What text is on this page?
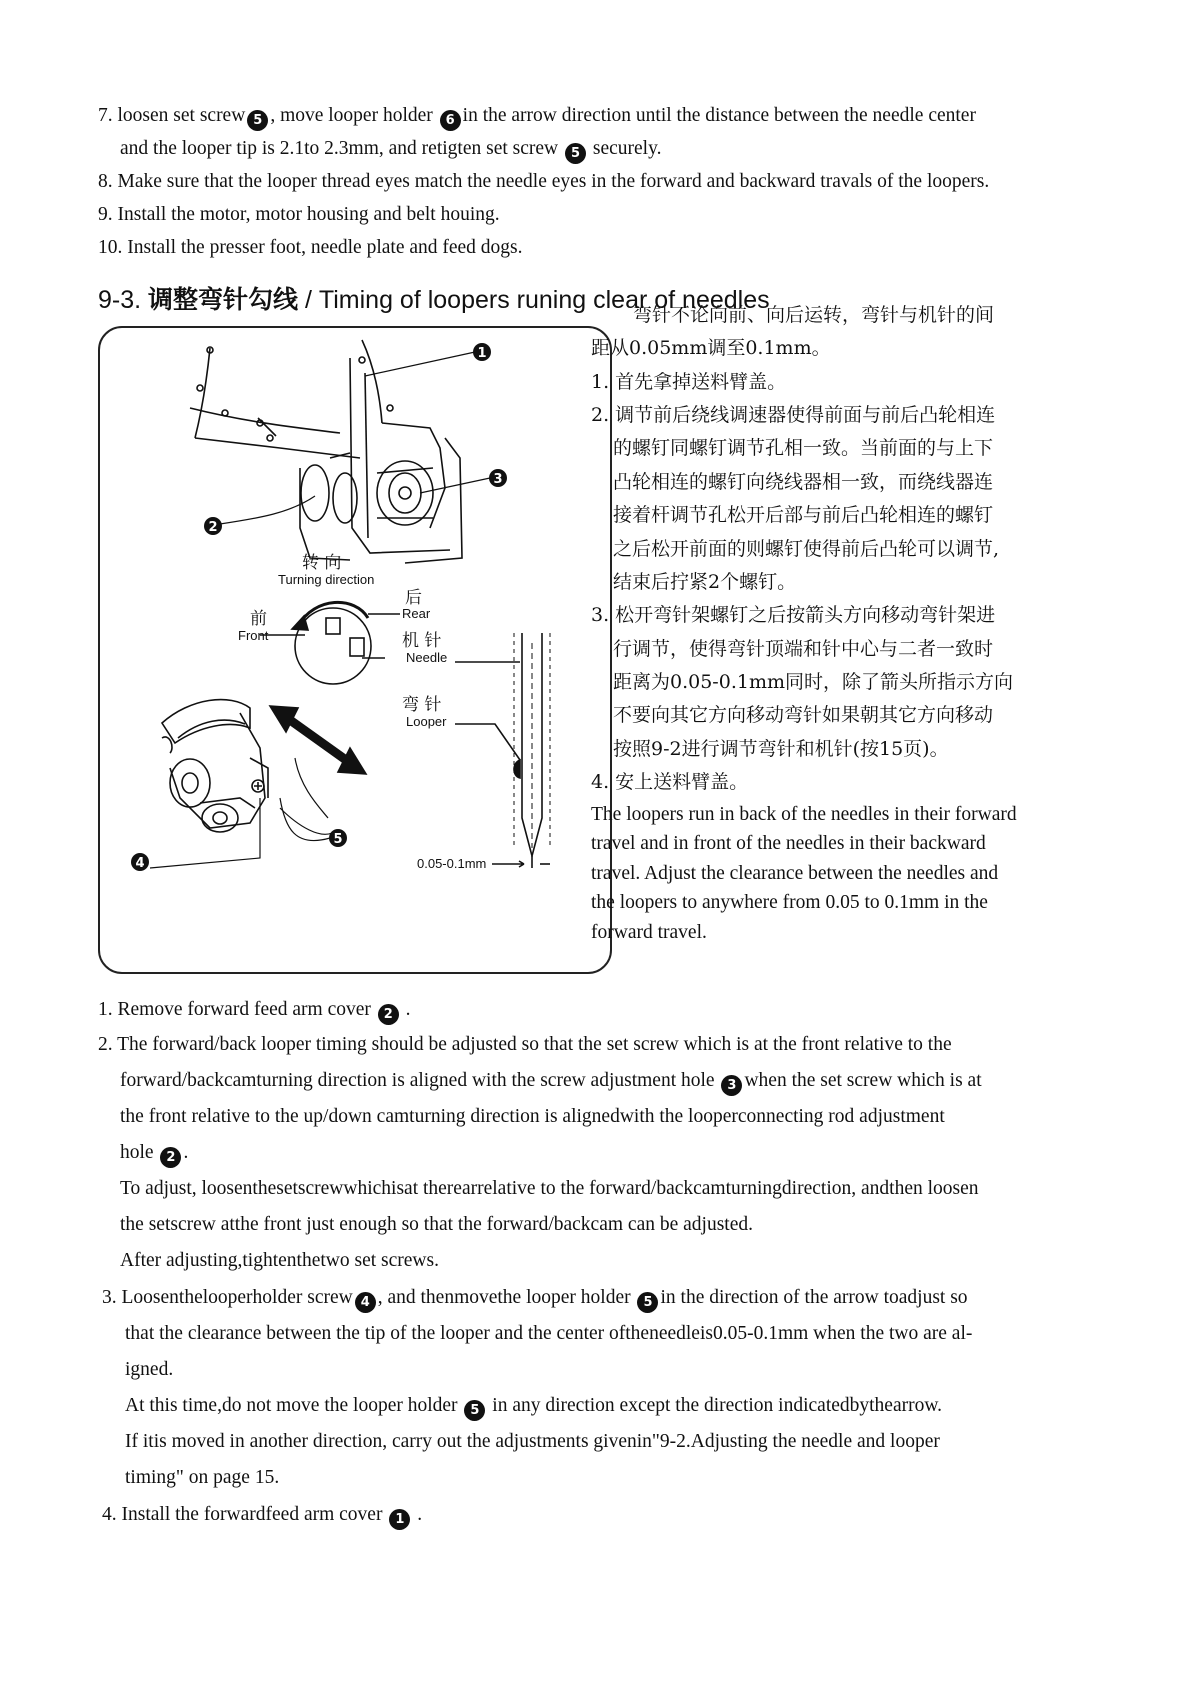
7. loosen set screw 5 , move looper holder 6 in the arrow direction until the distance between the needle center
and the looper tip is 2.1to 2.3mm, and retigten set screw 5 securely.
8. Make sure that the looper thread eyes match the needle eyes in the forward and backward travals of the loopers.
9. Install the motor, motor housing and belt houing.
10. Install the presser foot, needle plate and feed dogs.
9-3. 调整弯针勾线 / Timing of loopers runing clear of needles
1
2
3
4
5
转 向
Turning direction
前
Front
后
Rear
机 针
Needle
弯 针
Looper
0.05-0.1mm
弯针不论向前、向后运转，弯针与机针的间
距从0.05mm调至0.1mm。
1. 首先拿掉送料臂盖。
2. 调节前后绕线调速器使得前面与前后凸轮相连
的螺钉同螺钉调节孔相一致。当前面的与上下
凸轮相连的螺钉向绕线器相一致，而绕线器连
接着杆调节孔松开后部与前后凸轮相连的螺钉
之后松开前面的则螺钉使得前后凸轮可以调节,
结束后拧紧2个螺钉。
3. 松开弯针架螺钉之后按箭头方向移动弯针架进
行调节，使得弯针顶端和针中心与二者一致时
距离为0.05-0.1mm同时，除了箭头所指示方向
不要向其它方向移动弯针如果朝其它方向移动
按照9-2进行调节弯针和机针(按15页)。
4. 安上送料臂盖。
The loopers run in back of the needles in their forward
travel and in front of the needles in their backward
travel. Adjust the clearance between the needles and
the loopers to anywhere from 0.05 to 0.1mm in the
forward travel.
1. Remove forward feed arm cover 2 .
2. The forward/back looper timing should be adjusted so that the set screw which is at the front relative to the
forward/backcamturning direction is aligned with the screw adjustment hole 3 when the set screw which is at
the front relative to the up/down camturning direction is alignedwith the looperconnecting rod adjustment
hole 2 .
To adjust, loosenthesetscrewwhichisat therearrelative to the forward/backcamturningdirection, andthen loosen
the setscrew atthe front just enough so that the forward/backcam can be adjusted.
After adjusting,tightenthetwo set screws.
3. Loosenthelooperholder screw 4 , and thenmovethe looper holder 5 in the direction of the arrow toadjust so
that the clearance between the tip of the looper and the center oftheneedleis0.05-0.1mm when the two are al-
igned.
At this time,do not move the looper holder 5 in any direction except the direction indicatedbythearrow.
If itis moved in another direction, carry out the adjustments givenin"9-2.Adjusting the needle and looper
timing" on page 15.
4. Install the forwardfeed arm cover 1 .
